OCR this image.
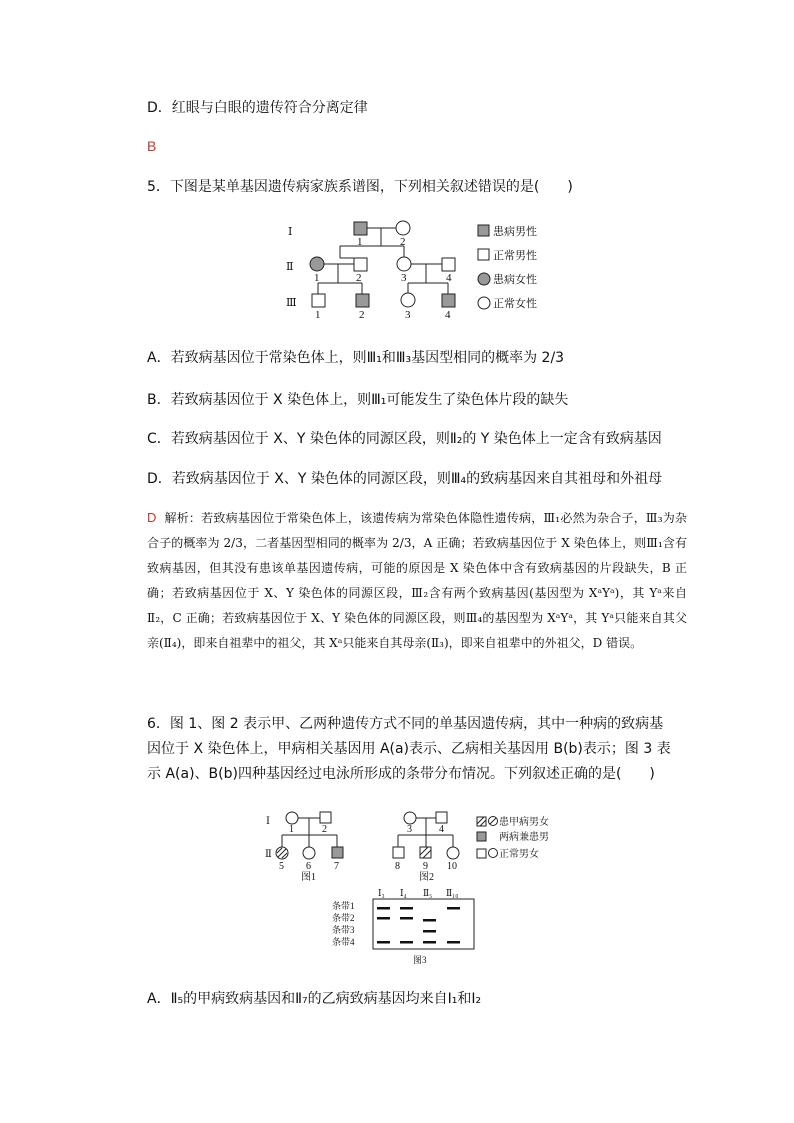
D．红眼与白眼的遗传符合分离定律
B
5．下图是某单基因遗传病家族系谱图，下列相关叙述错误的是(　　)
Ⅰ
Ⅱ
Ⅲ
1	2
1	2	3	4
1	2	3	4
患病男性
正常男性
患病女性
正常女性
A．若致病基因位于常染色体上，则Ⅲ₁和Ⅲ₃基因型相同的概率为 2/3
B．若致病基因位于 X 染色体上，则Ⅲ₁可能发生了染色体片段的缺失
C．若致病基因位于 X、Y 染色体的同源区段，则Ⅱ₂的 Y 染色体上一定含有致病基因
D．若致病基因位于 X、Y 染色体的同源区段，则Ⅲ₄的致病基因来自其祖母和外祖母
D 解析：若致病基因位于常染色体上，该遗传病为常染色体隐性遗传病，Ⅲ₁必然为杂合子，Ⅲ₃为杂合子的概率为 2/3，二者基因型相同的概率为 2/3，A 正确；若致病基因位于 X 染色体上，则Ⅲ₁含有致病基因，但其没有患该单基因遗传病，可能的原因是 X 染色体中含有致病基因的片段缺失，B 正确；若致病基因位于 X、Y 染色体的同源区段，Ⅲ₂含有两个致病基因(基因型为 XᵃYᵃ)，其 Yᵃ来自Ⅱ₂，C 正确；若致病基因位于 X、Y 染色体的同源区段，则Ⅲ₄的基因型为 XᵃYᵃ，其 Yᵃ只能来自其父亲(Ⅱ₄)，即来自祖辈中的祖父，其 Xᵃ只能来自其母亲(Ⅱ₃)，即来自祖辈中的外祖父，D 错误。
6．图 1、图 2 表示甲、乙两种遗传方式不同的单基因遗传病，其中一种病的致病基因位于 X 染色体上，甲病相关基因用 A(a)表示、乙病相关基因用 B(b)表示；图 3 表示 A(a)、B(b)四种基因经过电泳所形成的条带分布情况。下列叙述正确的是(　　)
Ⅰ
Ⅱ
1	2
5 6 7
图1
3	4
8 9 10
图2
患甲病男女
两病兼患男
正常男女
Ⅰ₃ Ⅰ₄ Ⅱ₅ Ⅱ₁₀
条带1
条带2
条带3
条带4
图3
A．Ⅱ₅的甲病致病基因和Ⅱ₇的乙病致病基因均来自Ⅰ₁和Ⅰ₂
